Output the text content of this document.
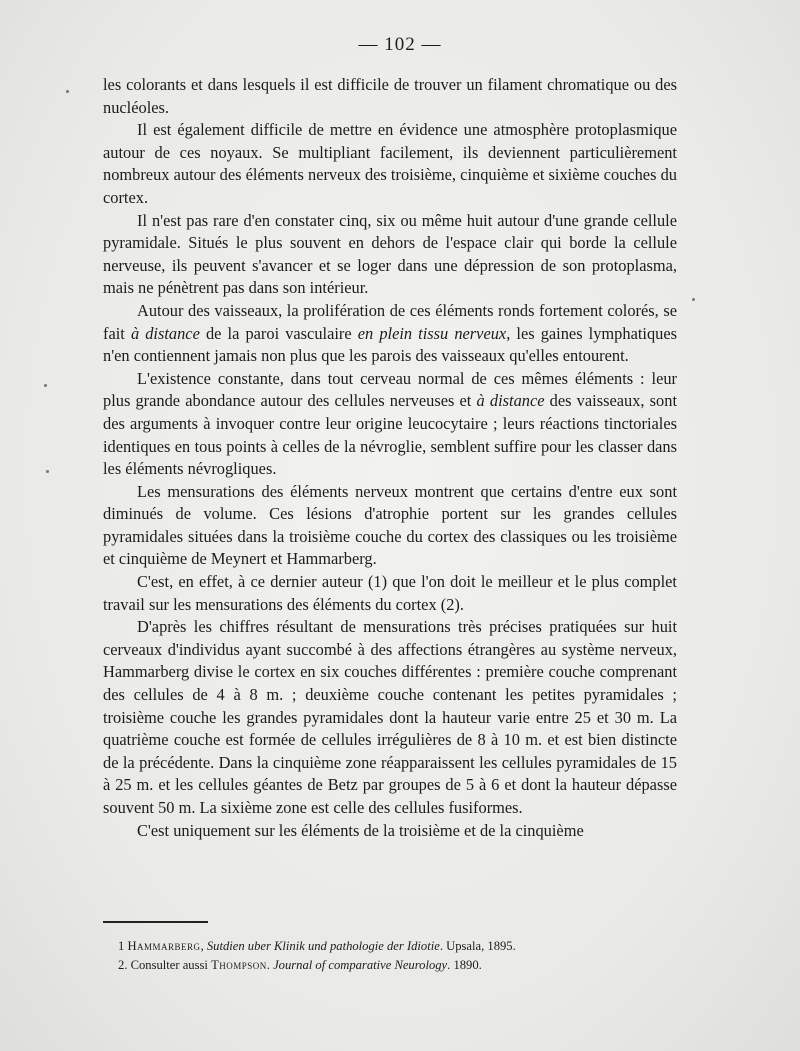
— 102 —

les colorants et dans lesquels il est difficile de trouver un filament chromatique ou des nucléoles.

Il est également difficile de mettre en évidence une atmosphère protoplasmique autour de ces noyaux. Se multipliant facilement, ils deviennent particulièrement nombreux autour des éléments nerveux des troisième, cinquième et sixième couches du cortex.

Il n'est pas rare d'en constater cinq, six ou même huit autour d'une grande cellule pyramidale. Situés le plus souvent en dehors de l'espace clair qui borde la cellule nerveuse, ils peuvent s'avancer et se loger dans une dépression de son protoplasma, mais ne pénètrent pas dans son intérieur.

Autour des vaisseaux, la prolifération de ces éléments ronds fortement colorés, se fait à distance de la paroi vasculaire en plein tissu nerveux, les gaines lymphatiques n'en contiennent jamais non plus que les parois des vaisseaux qu'elles entourent.

L'existence constante, dans tout cerveau normal de ces mêmes éléments : leur plus grande abondance autour des cellules nerveuses et à distance des vaisseaux, sont des arguments à invoquer contre leur origine leucocytaire ; leurs réactions tinctoriales identiques en tous points à celles de la névroglie, semblent suffire pour les classer dans les éléments névrogliques.

Les mensurations des éléments nerveux montrent que certains d'entre eux sont diminués de volume. Ces lésions d'atrophie portent sur les grandes cellules pyramidales situées dans la troisième couche du cortex des classiques ou les troisième et cinquième de Meynert et Hammarberg.

C'est, en effet, à ce dernier auteur (1) que l'on doit le meilleur et le plus complet travail sur les mensurations des éléments du cortex (2).

D'après les chiffres résultant de mensurations très précises pratiquées sur huit cerveaux d'individus ayant succombé à des affections étrangères au système nerveux, Hammarberg divise le cortex en six couches différentes : première couche comprenant des cellules de 4 à 8 m. ; deuxième couche contenant les petites pyramidales ; troisième couche les grandes pyramidales dont la hauteur varie entre 25 et 30 m. La quatrième couche est formée de cellules irrégulières de 8 à 10 m. et est bien distincte de la précédente. Dans la cinquième zone réapparaissent les cellules pyramidales de 15 à 25 m. et les cellules géantes de Betz par groupes de 5 à 6 et dont la hauteur dépasse souvent 50 m. La sixième zone est celle des cellules fusiformes.

C'est uniquement sur les éléments de la troisième et de la cinquième

1 Hammarberg, Sutdien uber Klinik und pathologie der Idiotie. Upsala, 1895.
2. Consulter aussi Thompson. Journal of comparative Neurology. 1890.
